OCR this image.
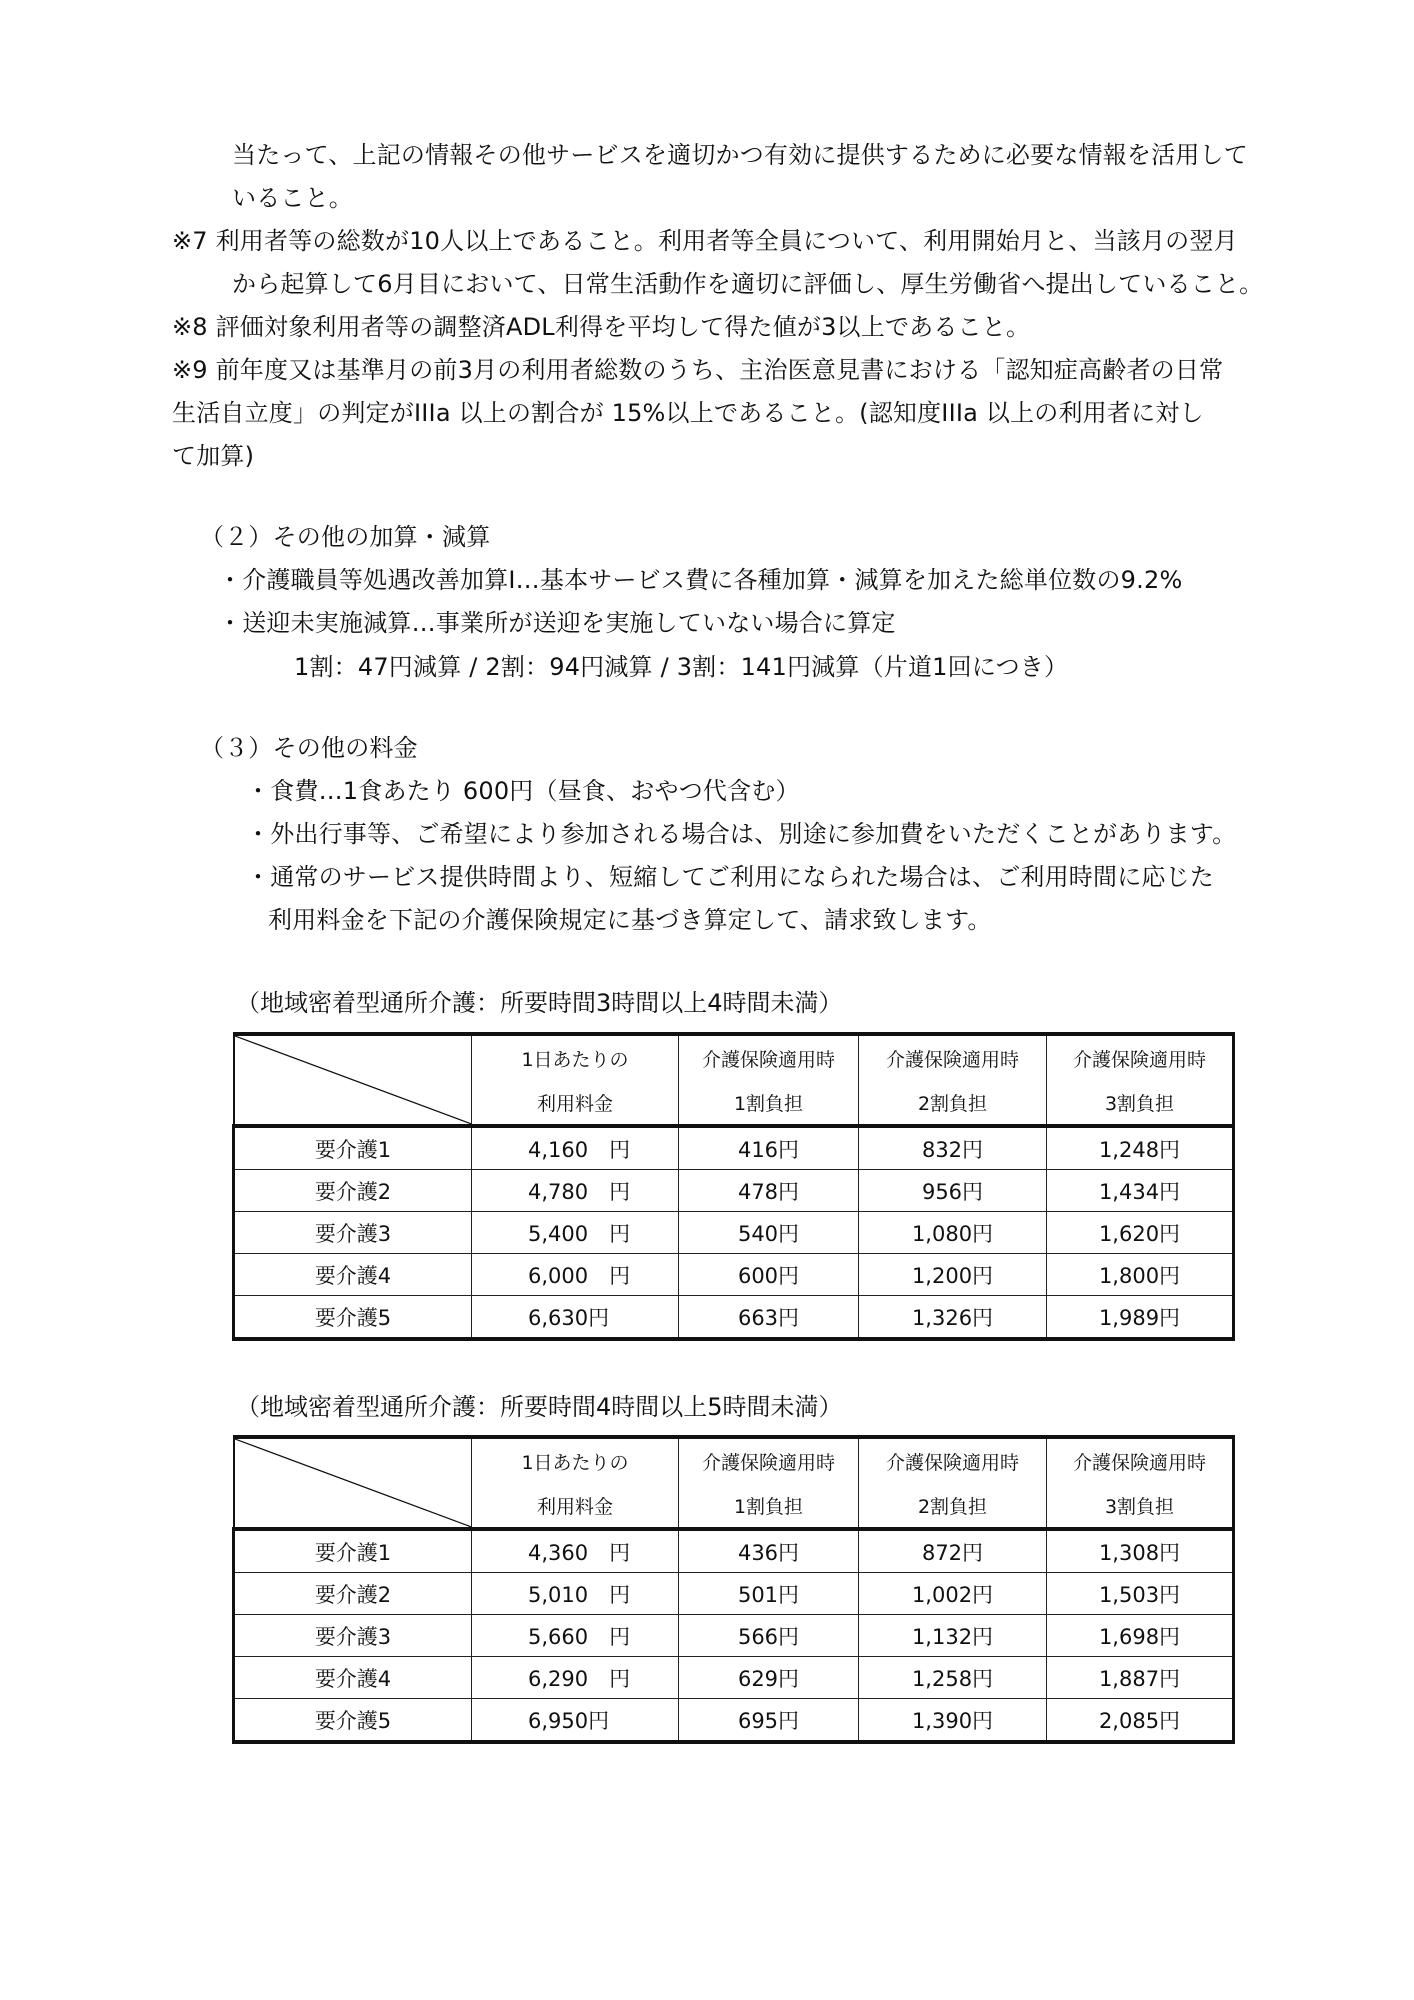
当たって、上記の情報その他サービスを適切かつ有効に提供するために必要な情報を活用して
いること。
※7 利用者等の総数が10人以上であること。利用者等全員について、利用開始月と、当該月の翌月
から起算して6月目において、日常生活動作を適切に評価し、厚生労働省へ提出していること。
※8 評価対象利用者等の調整済ADL利得を平均して得た値が3以上であること。
※9 前年度又は基準月の前3月の利用者総数のうち、主治医意見書における「認知症高齢者の日常
生活自立度」の判定がIIIa 以上の割合が 15%以上であること。(認知度IIIa 以上の利用者に対し
て加算)
（２）その他の加算・減算
・介護職員等処遇改善加算Ⅰ…基本サービス費に各種加算・減算を加えた総単位数の9.2%
・送迎未実施減算…事業所が送迎を実施していない場合に算定
1割：47円減算 / 2割：94円減算 / 3割：141円減算（片道1回につき）
（３）その他の料金
・食費…1食あたり 600円（昼食、おやつ代含む）
・外出行事等、ご希望により参加される場合は、別途に参加費をいただくことがあります。
・通常のサービス提供時間より、短縮してご利用になられた場合は、ご利用時間に応じた
利用料金を下記の介護保険規定に基づき算定して、請求致します。
（地域密着型通所介護：所要時間3時間以上4時間未満）
	1日あたりの	介護保険適用時	介護保険適用時	介護保険適用時
	利用料金	1割負担	2割負担	3割負担
要介護1	4,160　円	416円	832円	1,248円
要介護2	4,780　円	478円	956円	1,434円
要介護3	5,400　円	540円	1,080円	1,620円
要介護4	6,000　円	600円	1,200円	1,800円
要介護5	6,630円	663円	1,326円	1,989円
（地域密着型通所介護：所要時間4時間以上5時間未満）
	1日あたりの	介護保険適用時	介護保険適用時	介護保険適用時
	利用料金	1割負担	2割負担	3割負担
要介護1	4,360　円	436円	872円	1,308円
要介護2	5,010　円	501円	1,002円	1,503円
要介護3	5,660　円	566円	1,132円	1,698円
要介護4	6,290　円	629円	1,258円	1,887円
要介護5	6,950円	695円	1,390円	2,085円
